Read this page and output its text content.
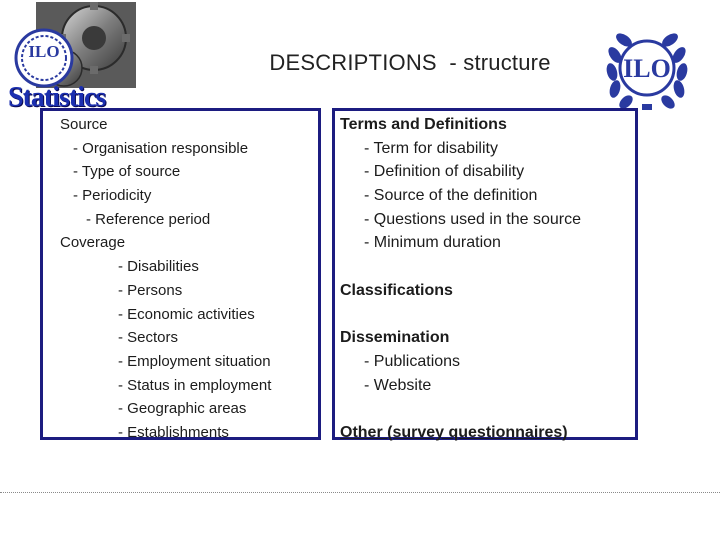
ILO
Statistics
DESCRIPTIONS  - structure	ILO
Source
- Organisation responsible
- Type of source
- Periodicity
- Reference period
Coverage
- Disabilities
- Persons
- Economic activities
- Sectors
- Employment situation
- Status in employment
- Geographic areas
- Establishments
Terms and Definitions
- Term for disability
- Definition of disability
- Source of the definition
- Questions used in the source
- Minimum duration
Classifications
Dissemination
- Publications
- Website
Other (survey questionnaires)
